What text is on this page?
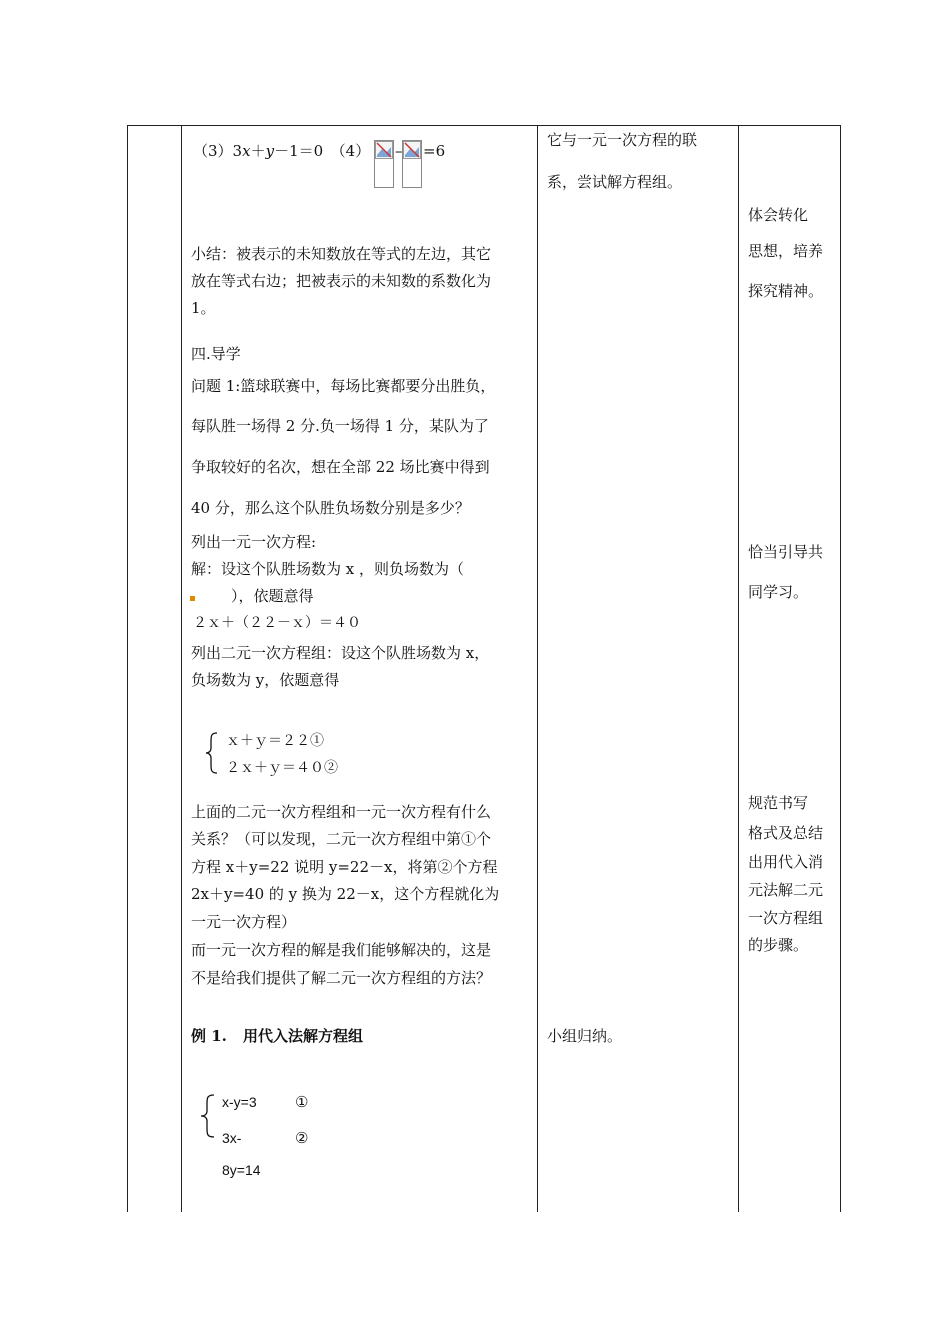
（3）3x＋y－1＝0　（4） – =6
小结：被表示的未知数放在等式的左边，其它
放在等式右边；把被表示的未知数的系数化为
1。
四.导学
问题 1:篮球联赛中，每场比赛都要分出胜负，
每队胜一场得 2 分.负一场得 1 分，某队为了
争取较好的名次，想在全部 22 场比赛中得到
40 分，那么这个队胜负场数分别是多少？
列出一元一次方程:
解：设这个队胜场数为 x ，则负场数为（
），依题意得
２ｘ＋（２２－ｘ）＝４０
列出二元一次方程组：设这个队胜场数为 x，
负场数为 y，依题意得
ｘ＋ｙ＝２２①
２ｘ＋ｙ＝４０②
上面的二元一次方程组和一元一次方程有什么
关系？（可以发现，二元一次方程组中第①个
方程 x＋y=22 说明 y=22－x，将第②个方程
2x＋y=40 的 y 换为 22－x，这个方程就化为
一元一次方程）
而一元一次方程的解是我们能够解决的，这是
不是给我们提供了解二元一次方程组的方法？
例 1. 用代入法解方程组
x-y=3	①
3x-	②
8y=14
它与一元一次方程的联
系，尝试解方程组。
小组归纳。
体会转化
思想，培养
探究精神。
恰当引导共
同学习。
规范书写
格式及总结
出用代入消
元法解二元
一次方程组
的步骤。
